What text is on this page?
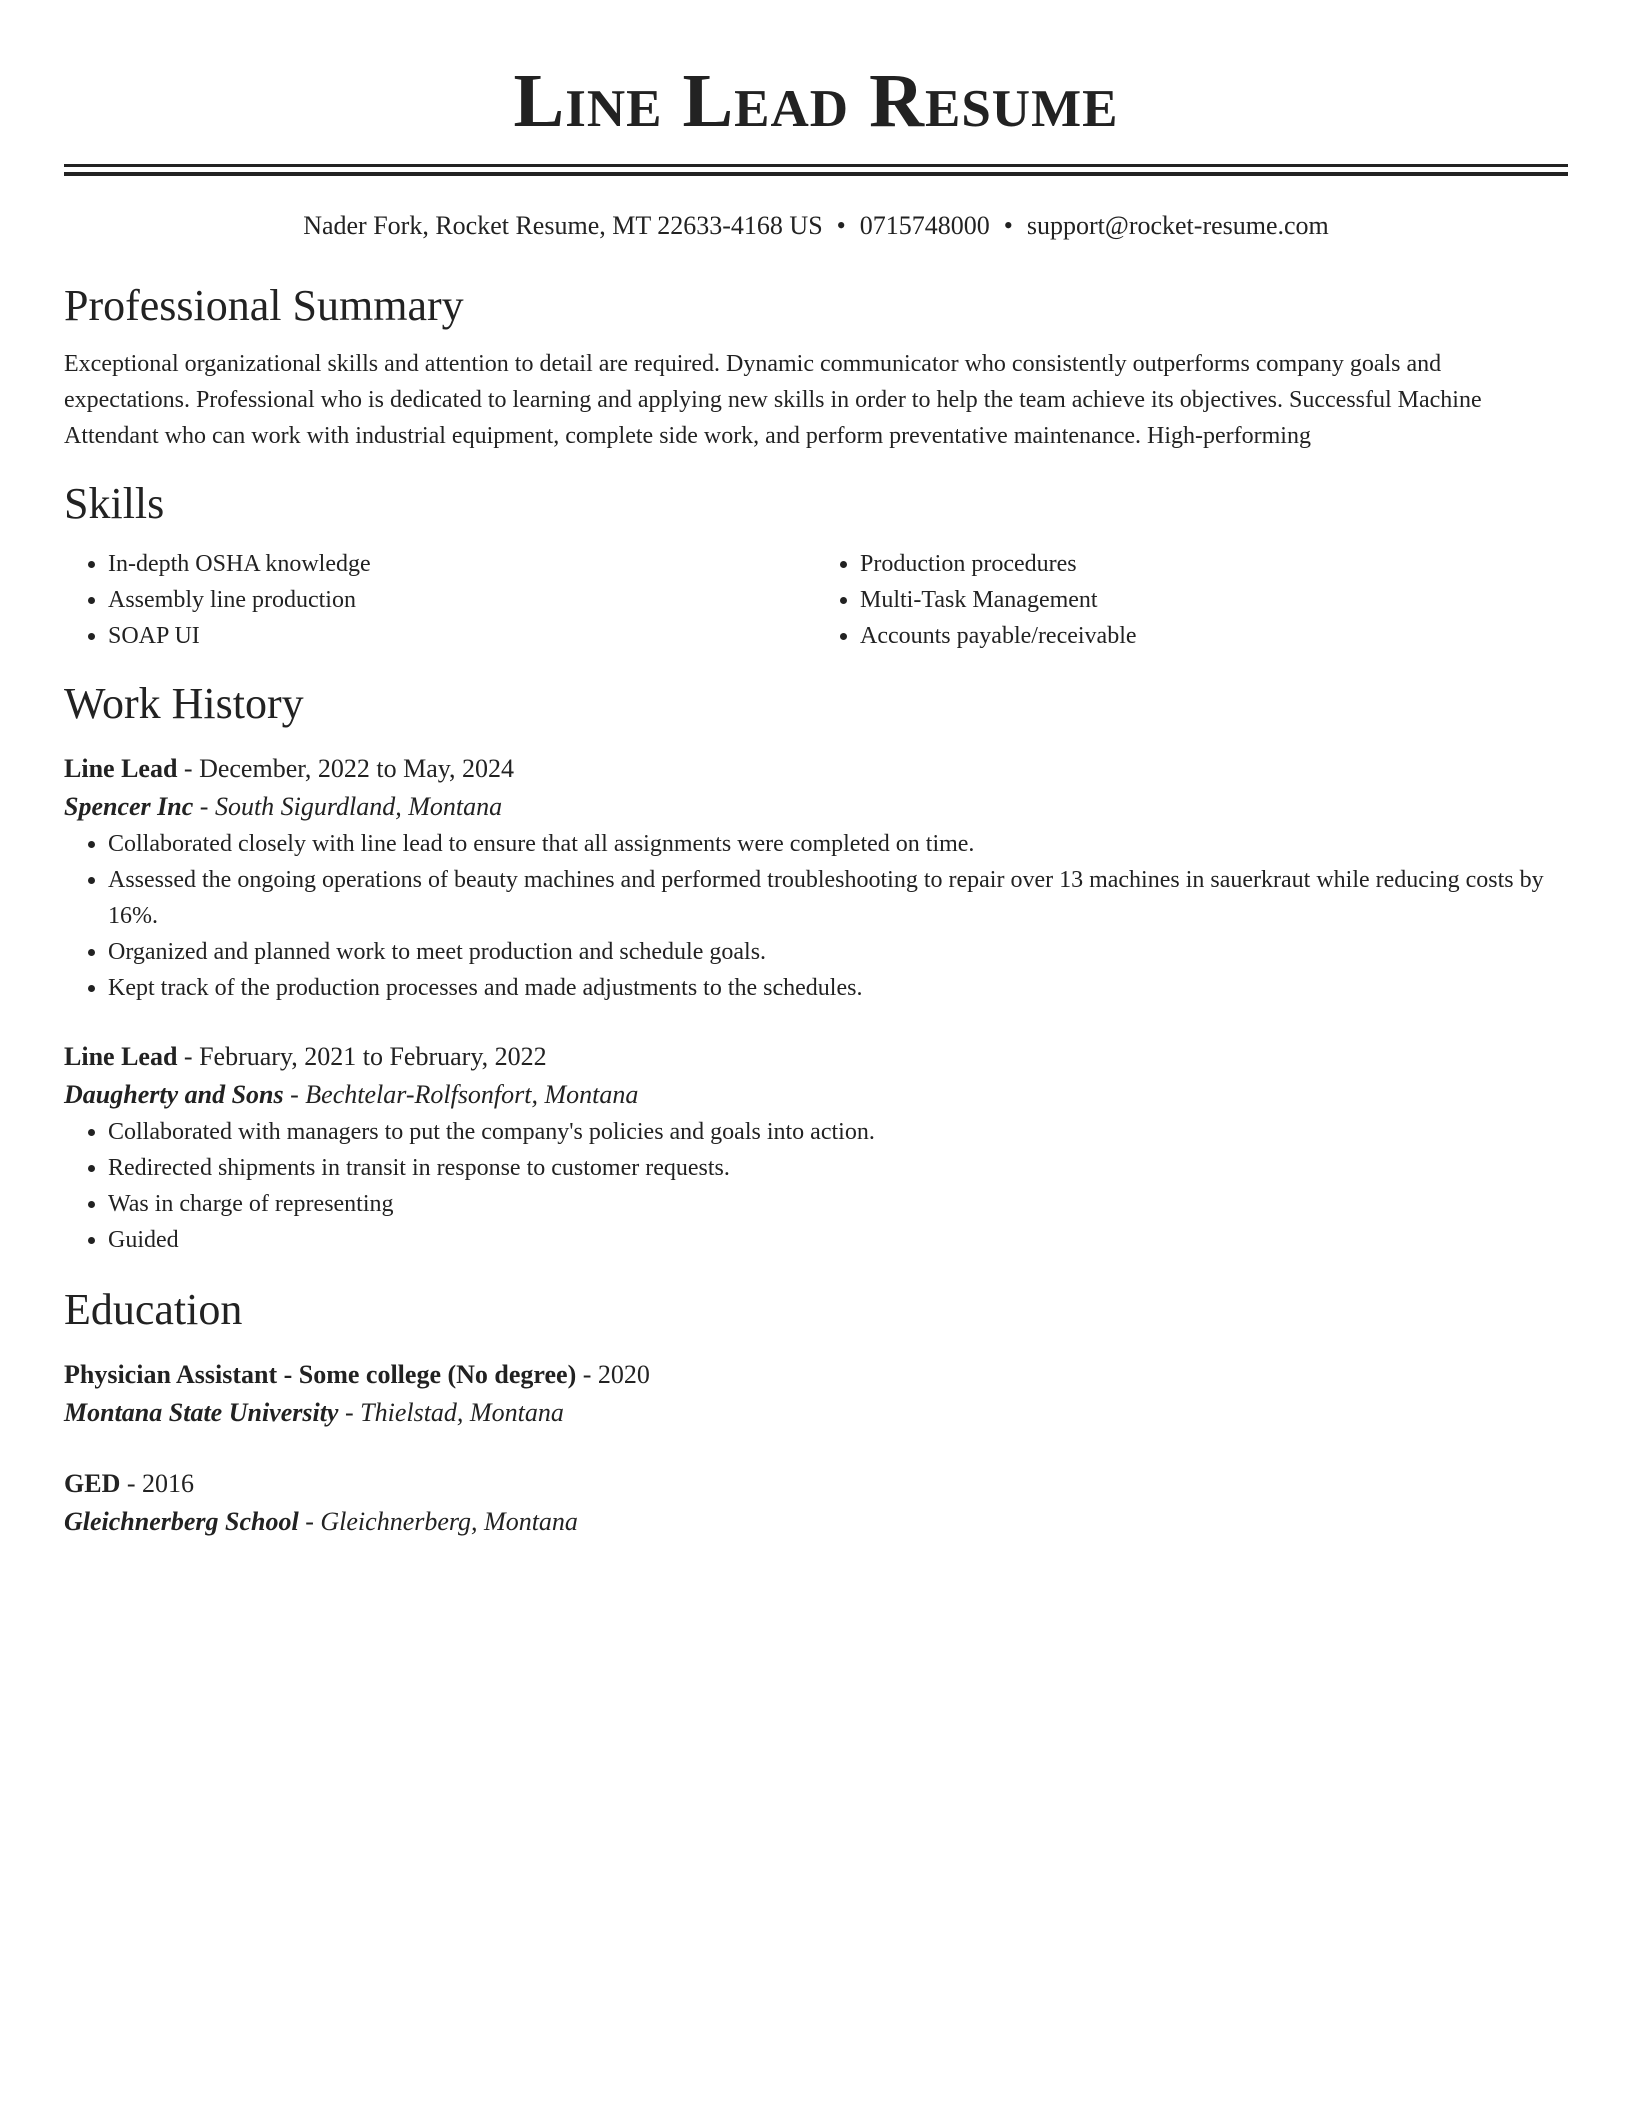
Line Lead Resume
Nader Fork, Rocket Resume, MT 22633-4168 US • 0715748000 • support@rocket-resume.com
Professional Summary

Exceptional organizational skills and attention to detail are required. Dynamic communicator who consistently outperforms company goals and expectations. Professional who is dedicated to learning and applying new skills in order to help the team achieve its objectives. Successful Machine Attendant who can work with industrial equipment, complete side work, and perform preventative maintenance. High-performing

Skills
• In-depth OSHA knowledge
• Assembly line production
• SOAP UI
• Production procedures
• Multi-Task Management
• Accounts payable/receivable
Work History
Line Lead - December, 2022 to May, 2024
Spencer Inc - South Sigurdland, Montana
• Collaborated closely with line lead to ensure that all assignments were completed on time.
• Assessed the ongoing operations of beauty machines and performed troubleshooting to repair over 13 machines in sauerkraut while reducing costs by 16%.
• Organized and planned work to meet production and schedule goals.
• Kept track of the production processes and made adjustments to the schedules.
Line Lead - February, 2021 to February, 2022
Daugherty and Sons - Bechtelar-Rolfsonfort, Montana
• Collaborated with managers to put the company's policies and goals into action.
• Redirected shipments in transit in response to customer requests.
• Was in charge of representing
• Guided
Education
Physician Assistant - Some college (No degree) - 2020
Montana State University - Thielstad, Montana
GED - 2016
Gleichnerberg School - Gleichnerberg, Montana
